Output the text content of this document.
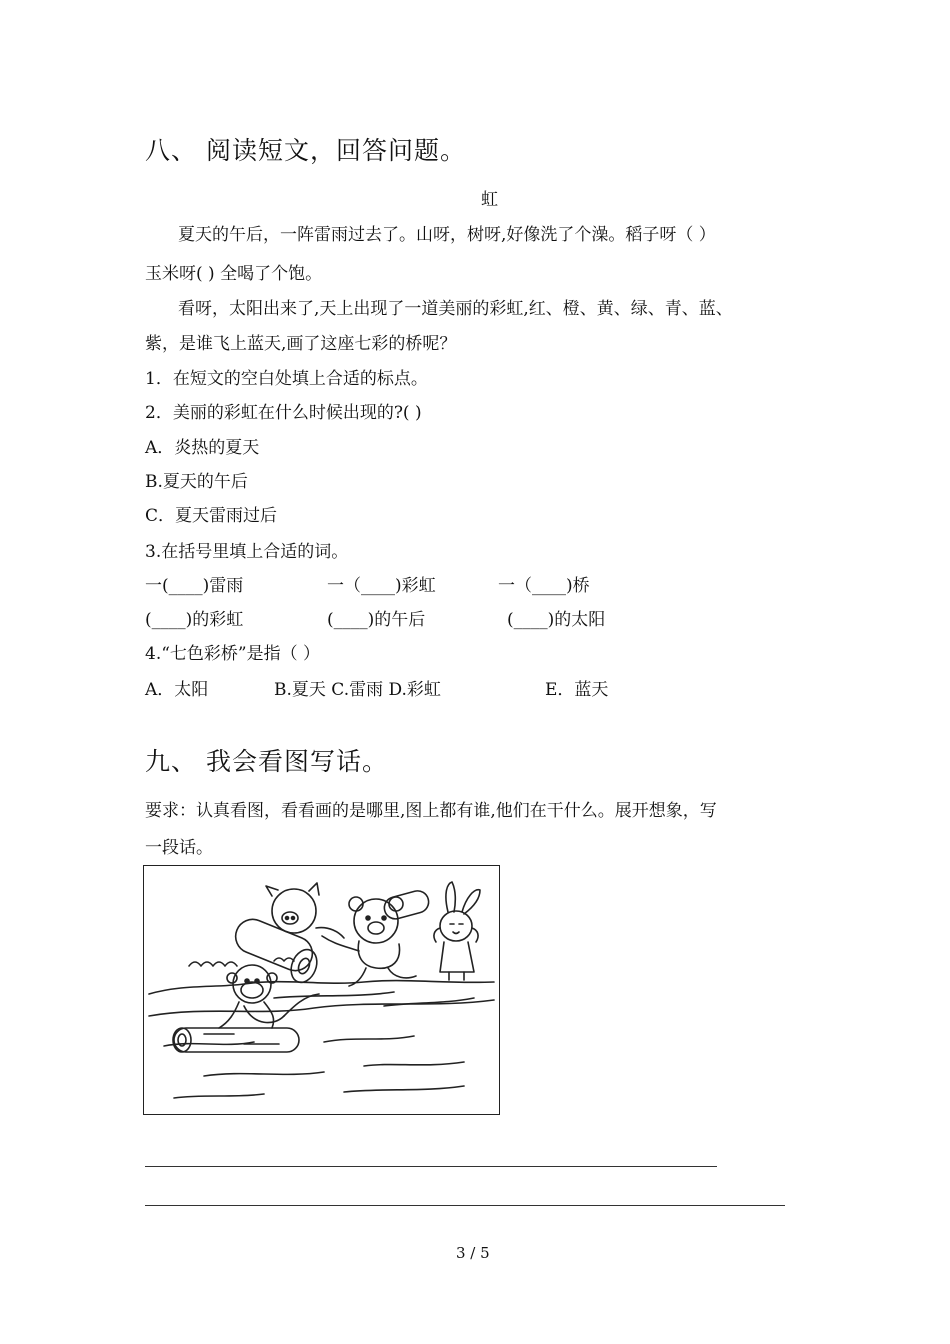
八、 阅读短文，回答问题。
虹
夏天的午后，一阵雷雨过去了。山呀，树呀,好像洗了个澡。稻子呀（ ）
玉米呀( ) 全喝了个饱。
看呀，太阳出来了,天上出现了一道美丽的彩虹,红、橙、黄、绿、青、蓝、
紫，是谁飞上蓝天,画了这座七彩的桥呢？
1．在短文的空白处填上合适的标点。
2．美丽的彩虹在什么时候出现的?( )
A．炎热的夏天
B.夏天的午后
C．夏天雷雨过后
3.在括号里填上合适的词。
一(____)雷雨	一（____)彩虹	一（____)桥
(____)的彩虹	(____)的午后	(____)的太阳
4.“七色彩桥”是指（ ）
A．太阳	B.夏天 C.雷雨 D.彩虹	E．蓝天
九、 我会看图写话。
要求：认真看图，看看画的是哪里,图上都有谁,他们在干什么。展开想象，写
一段话。
3 / 5
